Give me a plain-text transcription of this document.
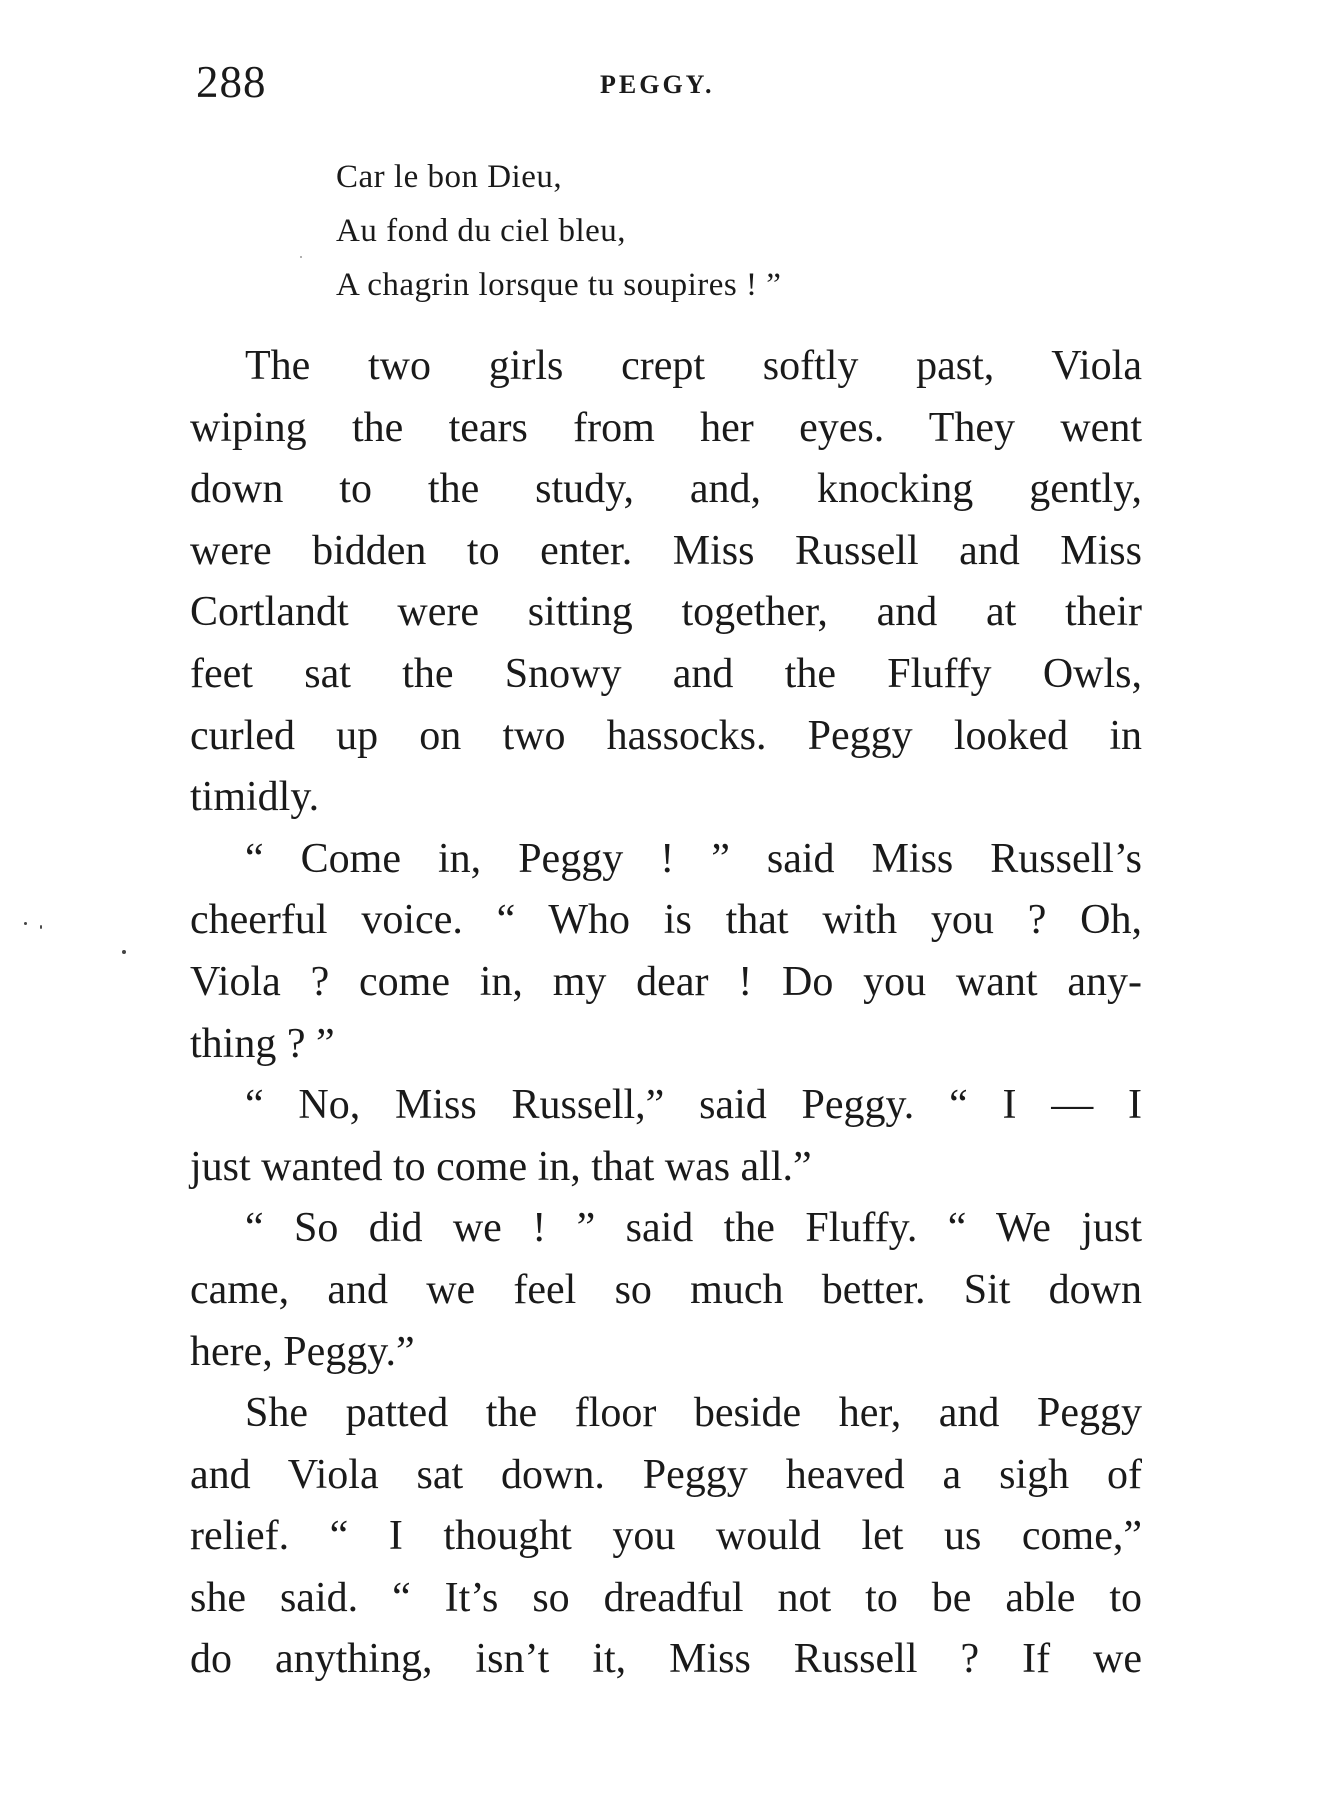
288	PEGGY.
Car le bon Dieu,
Au fond du ciel bleu,
A chagrin lorsque tu soupires ! ”
The two girls crept softly past, Viola
wiping the tears from her eyes. They went
down to the study, and, knocking gently,
were bidden to enter. Miss Russell and Miss
Cortlandt were sitting together, and at their
feet sat the Snowy and the Fluffy Owls,
curled up on two hassocks. Peggy looked in
timidly.
“ Come in, Peggy ! ” said Miss Russell’s
cheerful voice. “ Who is that with you ? Oh,
Viola ? come in, my dear ! Do you want any-
thing ? ”
“ No, Miss Russell,” said Peggy. “ I — I
just wanted to come in, that was all.”
“ So did we ! ” said the Fluffy. “ We just
came, and we feel so much better. Sit down
here, Peggy.”
She patted the floor beside her, and Peggy
and Viola sat down. Peggy heaved a sigh of
relief. “ I thought you would let us come,”
she said. “ It’s so dreadful not to be able to
do anything, isn’t it, Miss Russell ? If we
